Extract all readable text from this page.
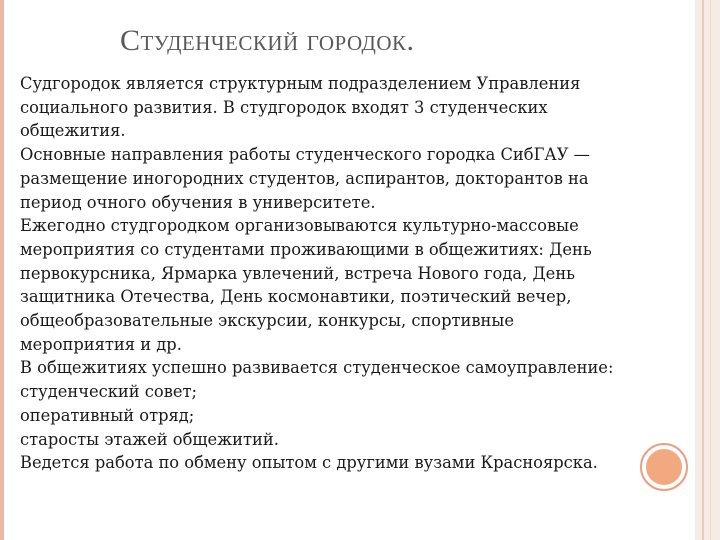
Студенческий городок.

Судгородок является структурным подразделением Управления
социального развития. В студгородок входят 3 студенческих
общежития.

Основные направления работы студенческого городка СибГАУ —
размещение иногородних студентов, аспирантов, докторантов на
период очного обучения в университете.

Ежегодно студгородком организовываются культурно-массовые
мероприятия со студентами проживающими в общежитиях: День
первокурсника, Ярмарка увлечений, встреча Нового года, День
защитника Отечества, День космонавтики, поэтический вечер,
общеобразовательные экскурсии, конкурсы, спортивные
мероприятия и др.

В общежитиях успешно развивается студенческое самоуправление:

студенческий совет;

оперативный отряд;

старосты этажей общежитий.

Ведется работа по обмену опытом с другими вузами Красноярска.
